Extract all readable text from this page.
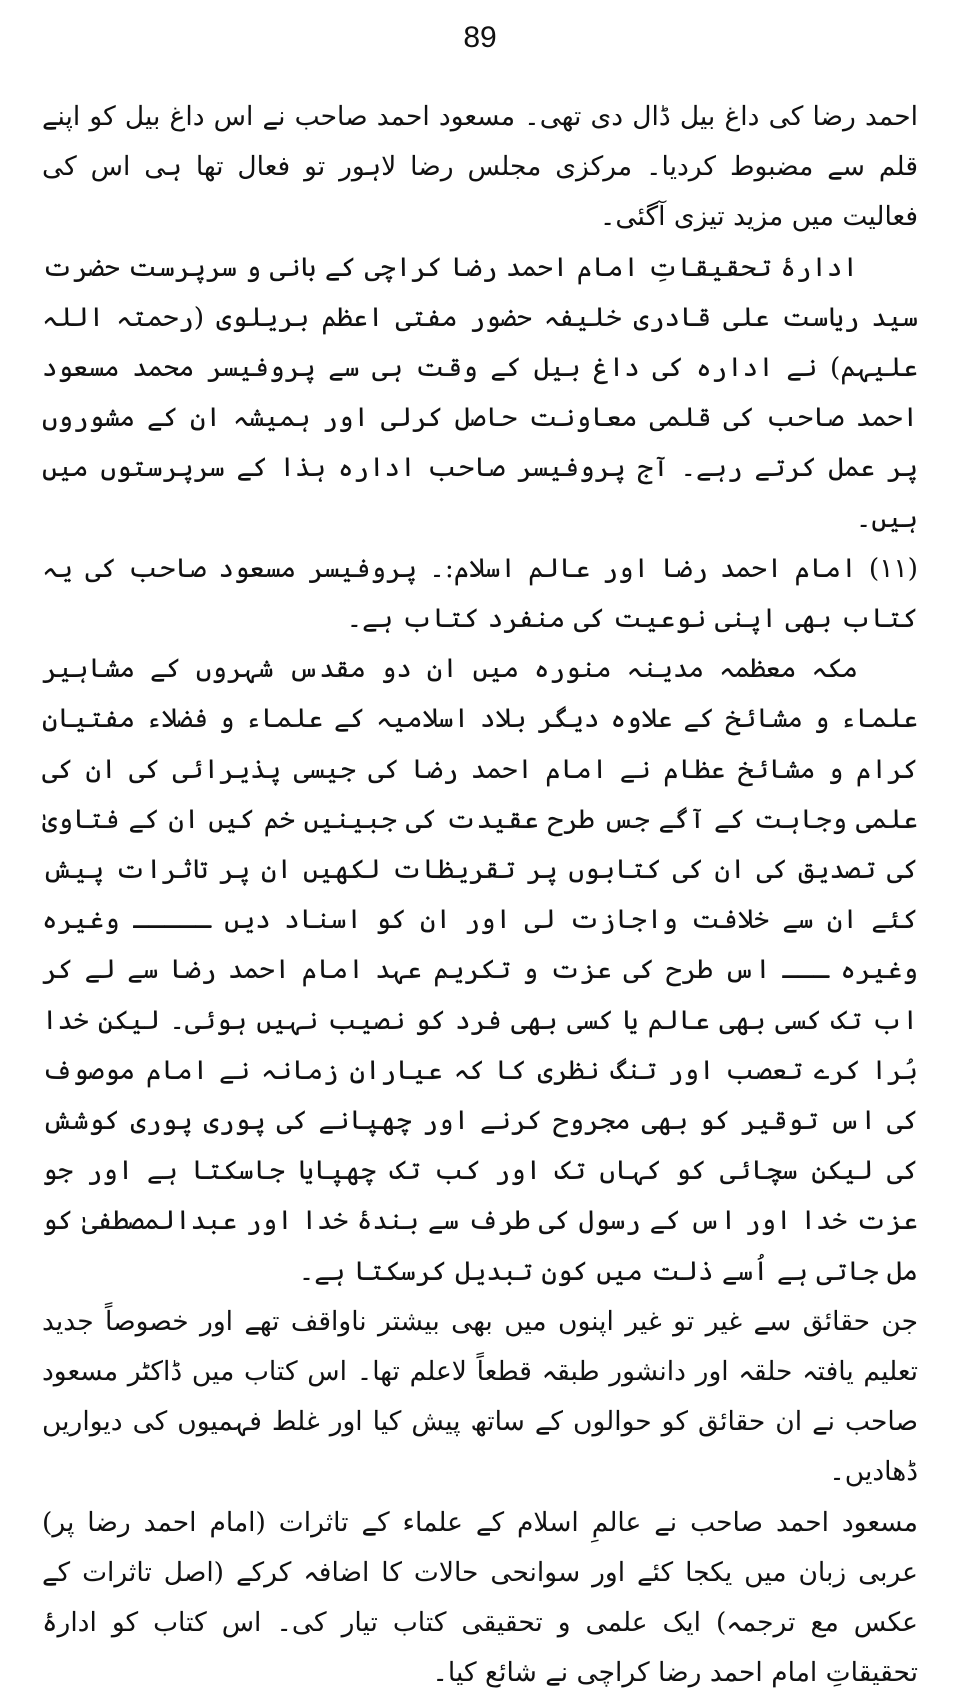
89

احمد رضا کی داغ بیل ڈال دی تھی۔ مسعود احمد صاحب نے اس داغ بیل کو اپنے قلم سے مضبوط کردیا۔ مرکزی مجلس رضا لاہور تو فعال تھا ہی اس کی فعالیت میں مزید تیزی آگئی۔

ادارۂ تحقیقاتِ امام احمد رضا کراچی کے بانی و سرپرست حضرت سید ریاست علی قادری خلیفہ حضور مفتی اعظم بریلوی (رحمتہ اللہ علیہم) نے ادارہ کی داغ بیل کے وقت ہی سے پروفیسر محمد مسعود احمد صاحب کی قلمی معاونت حاصل کرلی اور ہمیشہ ان کے مشوروں پر عمل کرتے رہے۔ آج پروفیسر صاحب ادارہ ہذا کے سرپرستوں میں ہیں۔

(۱۱) امام احمد رضا اور عالم اسلام:۔ پروفیسر مسعود صاحب کی یہ کتاب بھی اپنی نوعیت کی منفرد کتاب ہے۔

مکہ معظمہ مدینہ منورہ میں ان دو مقدس شہروں کے مشاہیر علماء و مشائخ کے علاوہ دیگر بلاد اسلامیہ کے علماء و فضلاء مفتیانِ کرام و مشائخ عظام نے امام احمد رضا کی جیسی پذیرائی کی ان کی علمی وجاہت کے آگے جس طرح عقیدت کی جبینیں خم کیں ان کے فتاویٰ کی تصدیق کی ان کی کتابوں پر تقریظات لکھیں ان پر تاثرات پیش کئے ان سے خلافت واجازت لی اور ان کو اسناد دیں ـــــ وغیرہ وغیرہ ـــ اس طرح کی عزت و تکریم عہد امام احمد رضا سے لے کر اب تک کسی بھی عالم یا کسی بھی فرد کو نصیب نہیں ہوئی۔ لیکن خدا بُرا کرے تعصب اور تنگ نظری کا کہ عیارانِ زمانہ نے امام موصوف کی اس توقیر کو بھی مجروح کرنے اور چھپانے کی پوری پوری کوشش کی لیکن سچائی کو کہاں تک اور کب تک چھپایا جاسکتا ہے اور جو عزت خدا اور اس کے رسول کی طرف سے بندۂ خدا اور عبدالمصطفیٰ کو مل جاتی ہے اُسے ذلت میں کون تبدیل کرسکتا ہے۔

جن حقائق سے غیر تو غیر اپنوں میں بھی بیشتر ناواقف تھے اور خصوصاً جدید تعلیم یافتہ حلقہ اور دانشور طبقہ قطعاً لاعلم تھا۔ اس کتاب میں ڈاکٹر مسعود صاحب نے ان حقائق کو حوالوں کے ساتھ پیش کیا اور غلط فہمیوں کی دیواریں ڈھادیں۔

مسعود احمد صاحب نے عالمِ اسلام کے علماء کے تاثرات (امام احمد رضا پر) عربی زبان میں یکجا کئے اور سوانحی حالات کا اضافہ کرکے (اصل تاثرات کے عکس مع ترجمہ) ایک علمی و تحقیقی کتاب تیار کی۔ اس کتاب کو ادارۂ تحقیقاتِ امام احمد رضا کراچی نے شائع کیا۔
